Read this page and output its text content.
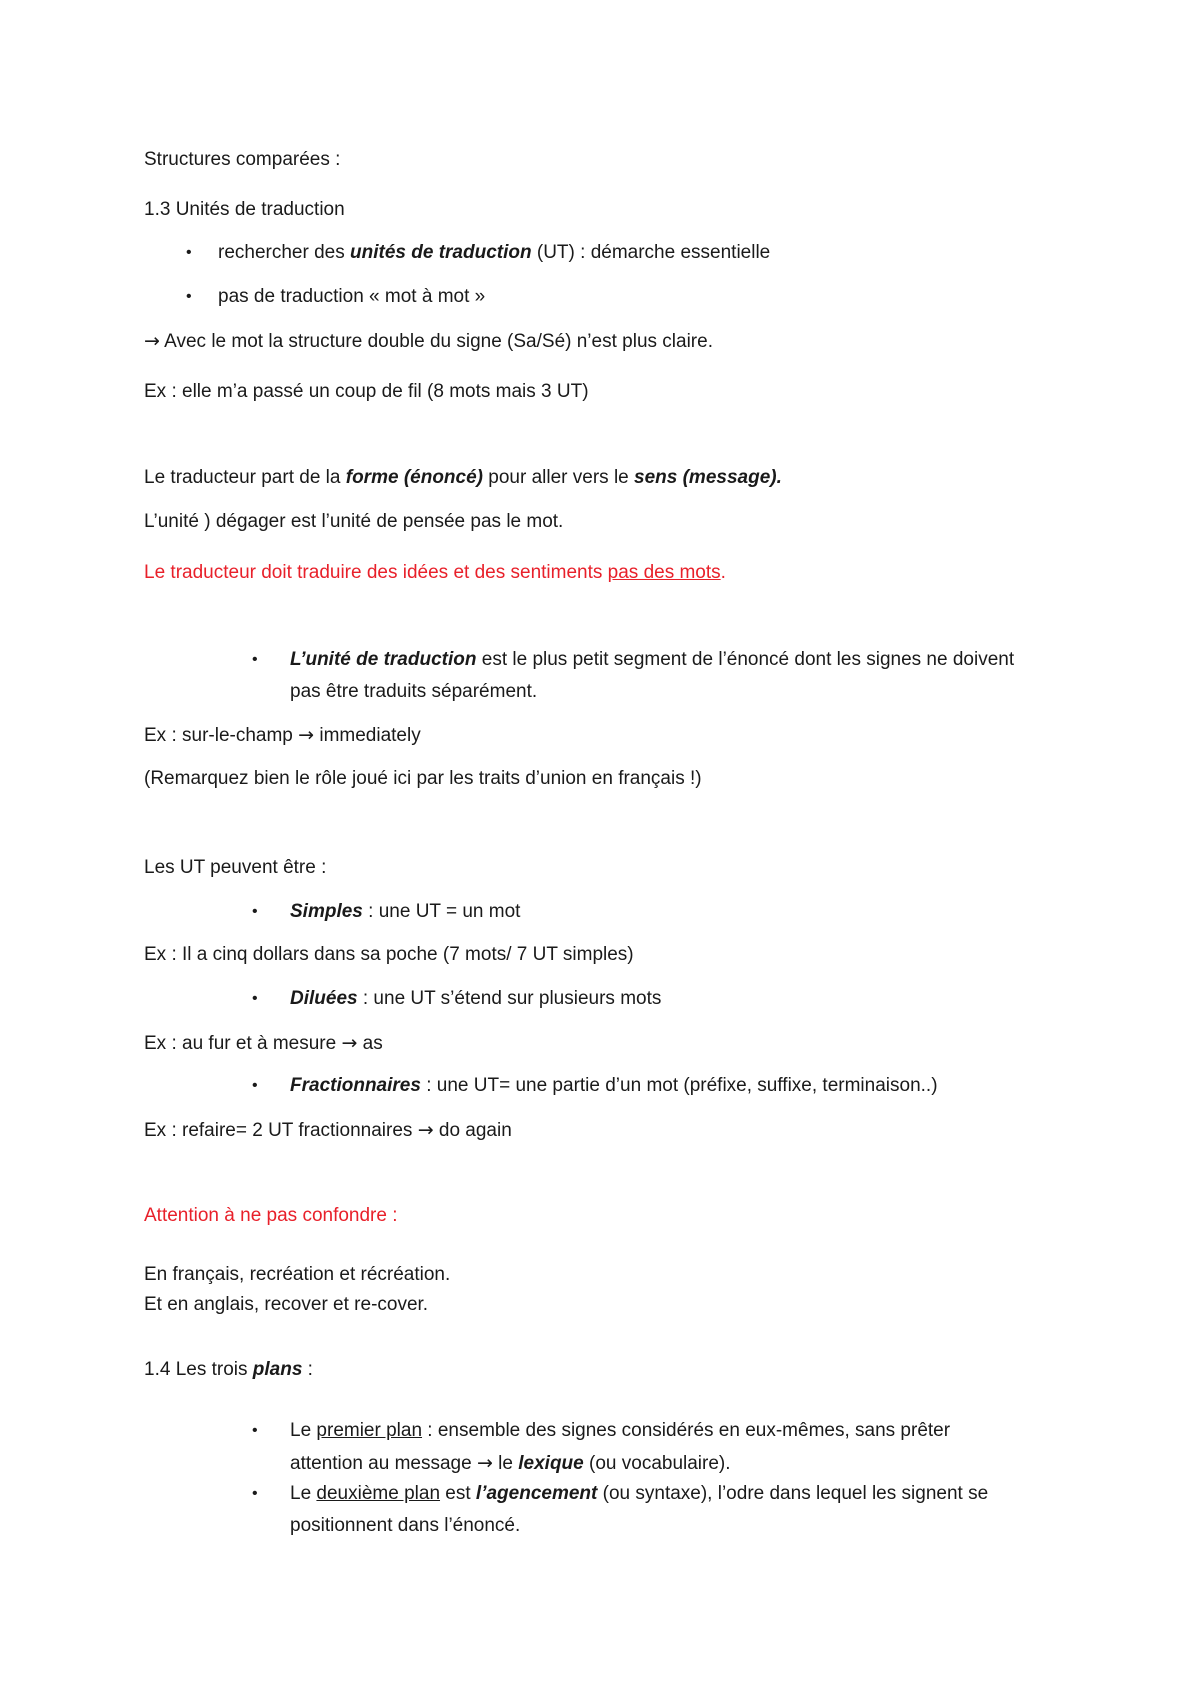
Structures comparées :
1.3 Unités de traduction
• rechercher des unités de traduction (UT) : démarche essentielle
• pas de traduction « mot à mot »
→ Avec le mot la structure double du signe (Sa/Sé) n’est plus claire.
Ex : elle m’a passé un coup de fil (8 mots mais 3 UT)
Le traducteur part de la forme (énoncé) pour aller vers le sens (message).
L’unité ) dégager est l’unité de pensée pas le mot.
Le traducteur doit traduire des idées et des sentiments pas des mots.
• L’unité de traduction est le plus petit segment de l’énoncé dont les signes ne doivent
pas être traduits séparément.
Ex : sur-le-champ → immediately
(Remarquez bien le rôle joué ici par les traits d’union en français !)
Les UT peuvent être :
• Simples : une UT = un mot
Ex : Il a cinq dollars dans sa poche (7 mots/ 7 UT simples)
• Diluées : une UT s’étend sur plusieurs mots
Ex : au fur et à mesure → as
• Fractionnaires : une UT= une partie d’un mot (préfixe, suffixe, terminaison..)
Ex : refaire= 2 UT fractionnaires → do again
Attention à ne pas confondre :
En français, recréation et récréation.
Et en anglais, recover et re-cover.
1.4 Les trois plans :
• Le premier plan : ensemble des signes considérés en eux-mêmes, sans prêter
attention au message → le lexique (ou vocabulaire).
• Le deuxième plan est l’agencement (ou syntaxe), l’odre dans lequel les signent se
positionnent dans l’énoncé.
